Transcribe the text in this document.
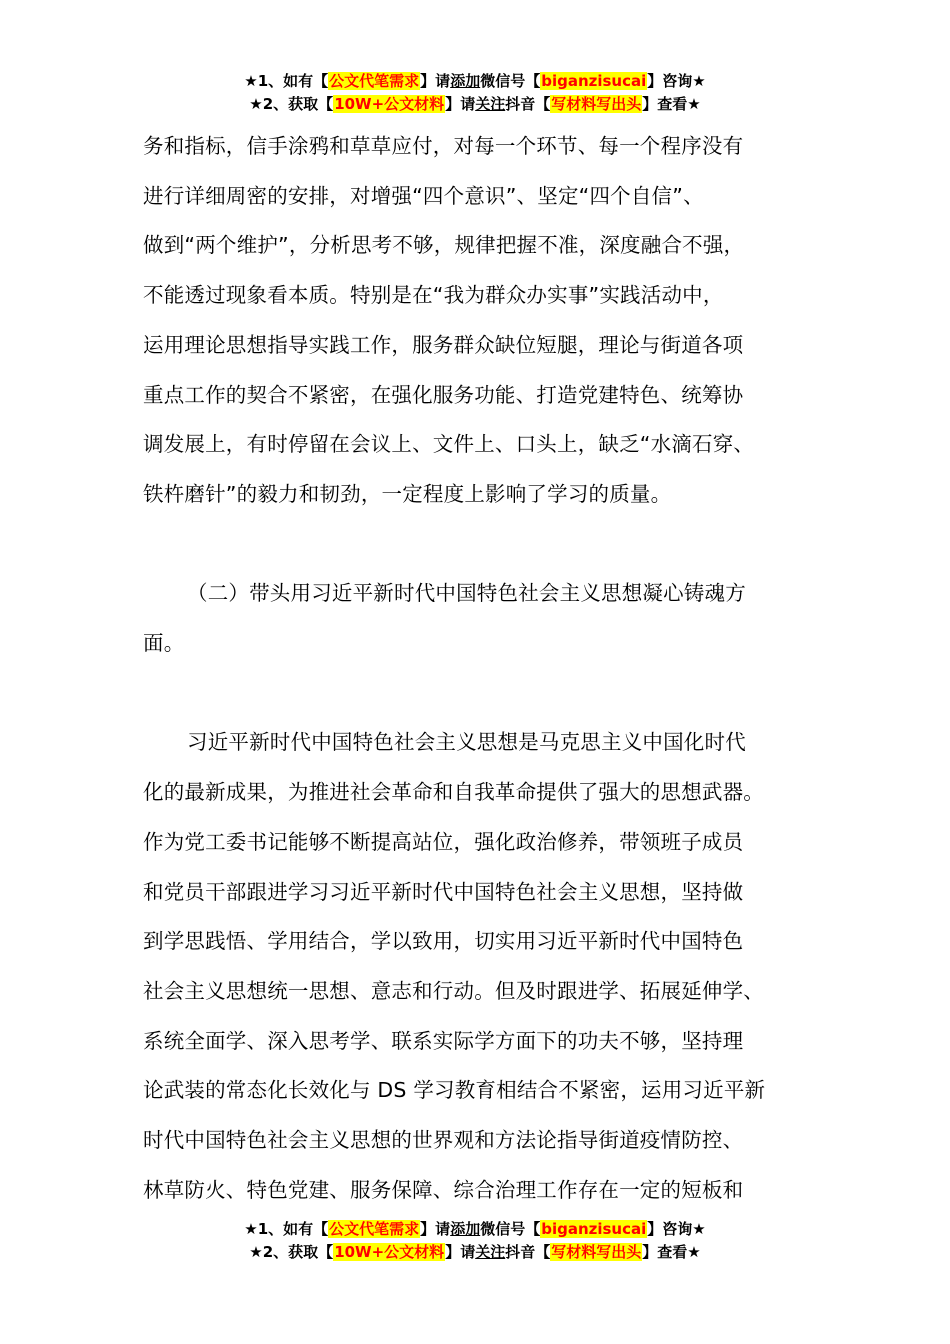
★1、如有【公文代笔需求】请添加微信号【biganzisucai】咨询★
★2、获取【10W+公文材料】请关注抖音【写材料写出头】查看★

务和指标，信手涂鸦和草草应付，对每一个环节、每一个程序没有

进行详细周密的安排，对增强“四个意识”、坚定“四个自信”、

做到“两个维护”，分析思考不够，规律把握不准，深度融合不强，

不能透过现象看本质。特别是在“我为群众办实事”实践活动中，

运用理论思想指导实践工作，服务群众缺位短腿，理论与街道各项

重点工作的契合不紧密，在强化服务功能、打造党建特色、统筹协

调发展上，有时停留在会议上、文件上、口头上，缺乏“水滴石穿、

铁杵磨针”的毅力和韧劲，一定程度上影响了学习的质量。

（二）带头用习近平新时代中国特色社会主义思想凝心铸魂方

面。

习近平新时代中国特色社会主义思想是马克思主义中国化时代

化的最新成果，为推进社会革命和自我革命提供了强大的思想武器。

作为党工委书记能够不断提高站位，强化政治修养，带领班子成员

和党员干部跟进学习习近平新时代中国特色社会主义思想，坚持做

到学思践悟、学用结合，学以致用，切实用习近平新时代中国特色

社会主义思想统一思想、意志和行动。但及时跟进学、拓展延伸学、

系统全面学、深入思考学、联系实际学方面下的功夫不够，坚持理

论武装的常态化长效化与 DS 学习教育相结合不紧密，运用习近平新

时代中国特色社会主义思想的世界观和方法论指导街道疫情防控、

林草防火、特色党建、服务保障、综合治理工作存在一定的短板和

★1、如有【公文代笔需求】请添加微信号【biganzisucai】咨询★
★2、获取【10W+公文材料】请关注抖音【写材料写出头】查看★
